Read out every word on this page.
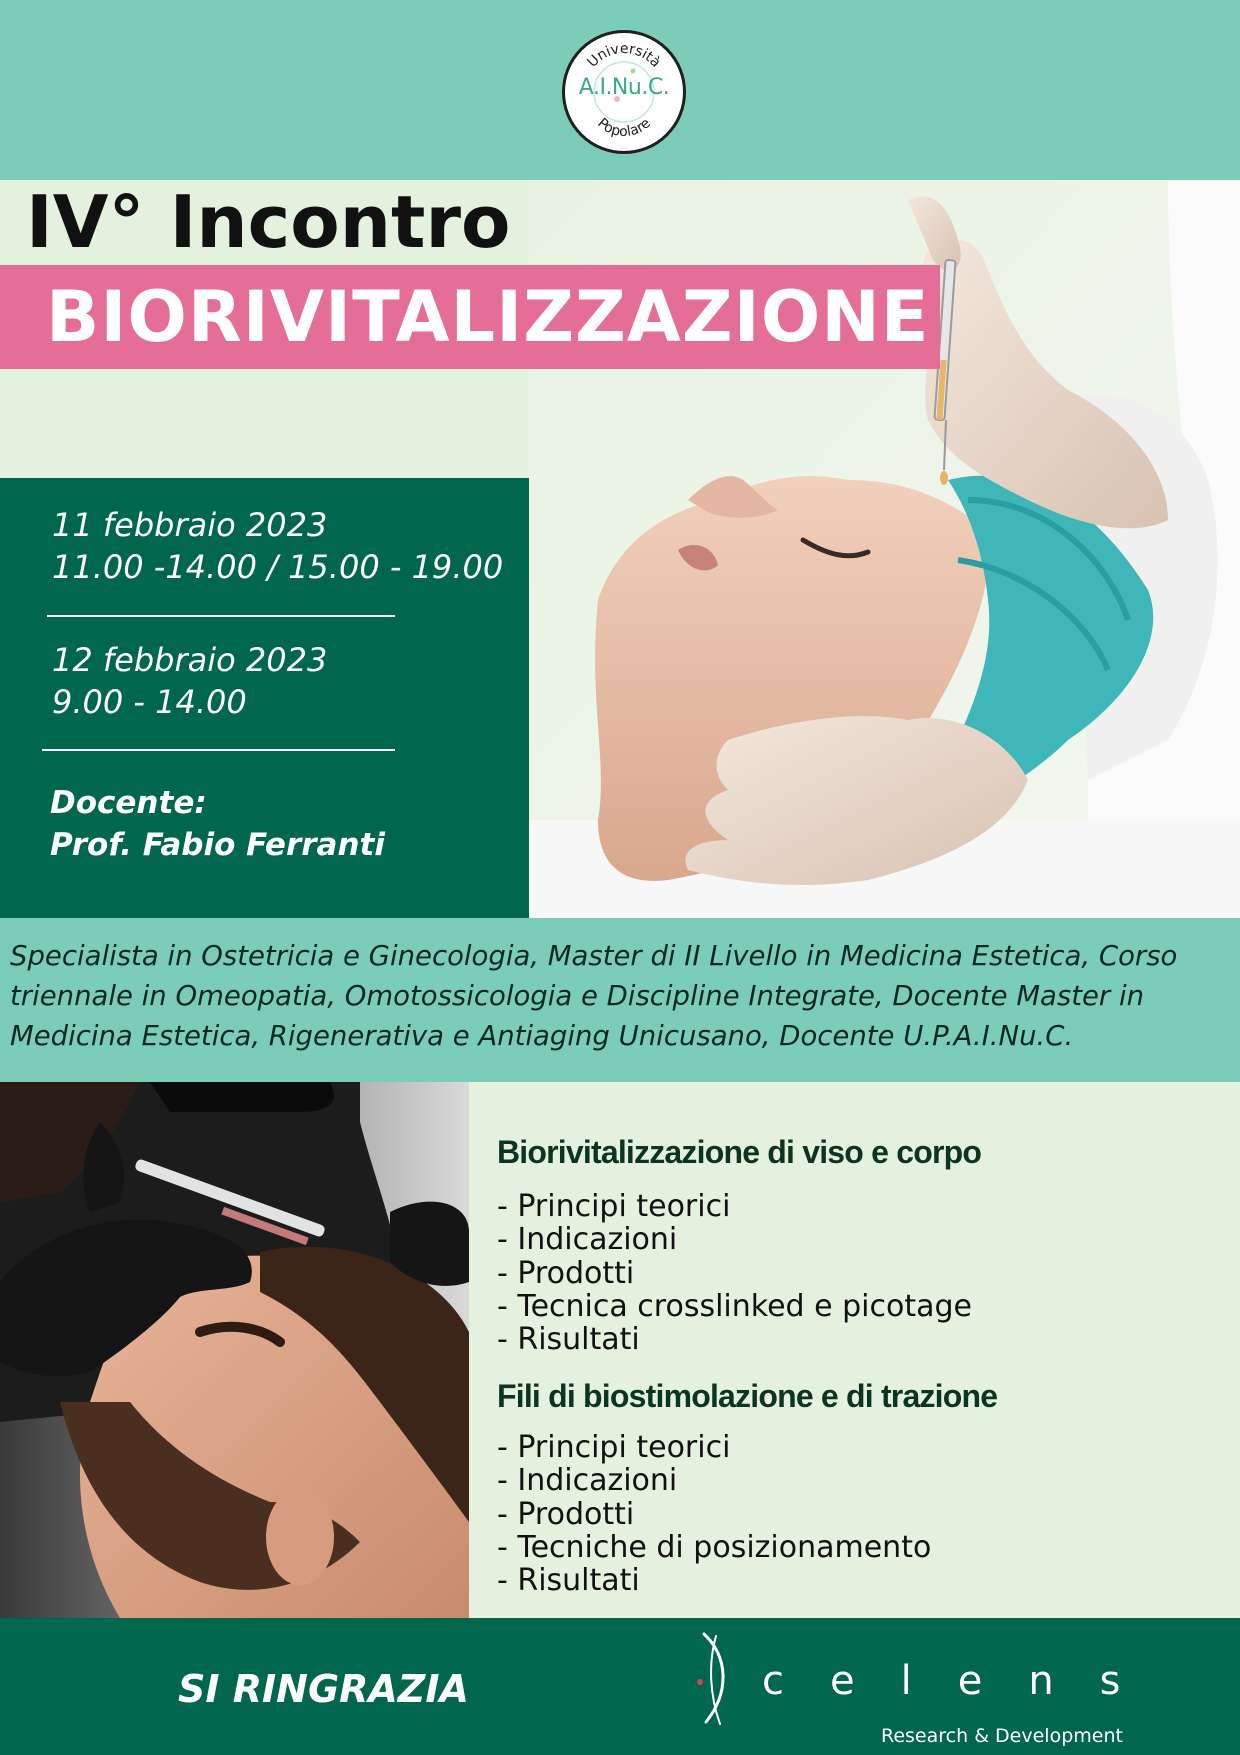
Università
Popolare
A.I.Nu.C.
IV° Incontro
BIORIVITALIZZAZIONE
11 febbraio 2023
11.00 -14.00 / 15.00 - 19.00
12 febbraio 2023
9.00 - 14.00
Docente:
Prof. Fabio Ferranti
Specialista in Ostetricia e Ginecologia, Master di II Livello in Medicina Estetica, Corso triennale in Omeopatia, Omotossicologia e Discipline Integrate, Docente Master in Medicina Estetica, Rigenerativa e Antiaging Unicusano, Docente U.P.A.I.Nu.C.
Biorivitalizzazione di viso e corpo
- Principi teorici
- Indicazioni
- Prodotti
- Tecnica crosslinked e picotage
- Risultati
Fili di biostimolazione e di trazione
- Principi teorici
- Indicazioni
- Prodotti
- Tecniche di posizionamento
- Risultati
SI RINGRAZIA	celens
Research & Development
